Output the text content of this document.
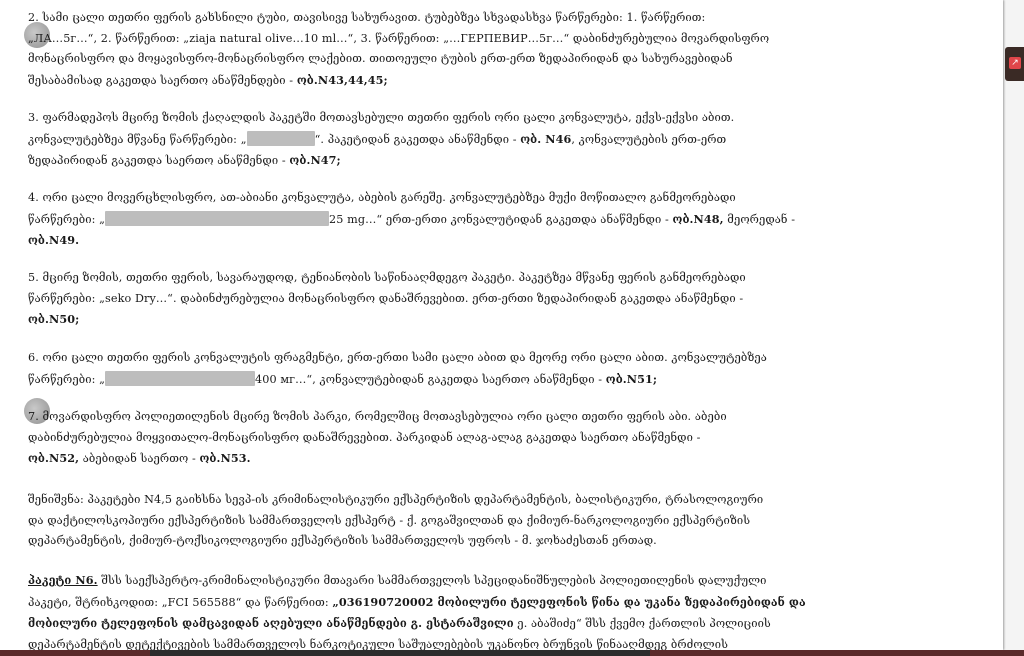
2. სამი ცალი თეთრი ფერის გახსნილი ტუბი, თავისივე სახურავით. ტუბებზეა სხვადასხვა წარწერები: 1. წარწერით:
„ЛА…5г…“, 2. წარწერით: „ziaja natural olive…10 ml…“, 3. წარწერით: „…ГЕРПЕВИР…5г…“ დაბინძურებულია მოვარდისფრო
მონაცრისფრო და მოყავისფრო-მონაცრისფრო ლაქებით. თითოეული ტუბის ერთ-ერთ ზედაპირიდან და სახურავებიდან
შესაბამისად გაკეთდა საერთო ანაწმენდები - ობ.N43,44,45;
3. ფარმადეპოს მცირე ზომის ქაღალდის პაკეტში მოთავსებული თეთრი ფერის ორი ცალი კონვალუტა, ექვს-ექვსი აბით.
კონვალუტებზეა მწვანე წარწერები: „	“. პაკეტიდან გაკეთდა ანაწმენდი - ობ. N46, კონვალუტების ერთ-ერთ
ზედაპირიდან გაკეთდა საერთო ანაწმენდი - ობ.N47;
4. ორი ცალი მოვერცხლისფრო, ათ-აბიანი კონვალუტა, აბების გარეშე. კონვალუტებზეა მუქი მოწითალო განმეორებადი
წარწერები: „	25 mg…“ ერთ-ერთი კონვალუტიდან გაკეთდა ანაწმენდი - ობ.N48, მეორედან -
ობ.N49.
5. მცირე ზომის, თეთრი ფერის, სავარაუდოდ, ტენიანობის საწინააღმდეგო პაკეტი. პაკეტზეა მწვანე ფერის განმეორებადი
წარწერები: „seko Dry…“. დაბინძურებულია მონაცრისფრო დანაშრევებით. ერთ-ერთი ზედაპირიდან გაკეთდა ანაწმენდი -
ობ.N50;
6. ორი ცალი თეთრი ფერის კონვალუტის ფრაგმენტი, ერთ-ერთი სამი ცალი აბით და მეორე ორი ცალი აბით. კონვალუტებზეა
წარწერები: „	400 мг…“, კონვალუტებიდან გაკეთდა საერთო ანაწმენდი - ობ.N51;
7. მოვარდისფრო პოლიეთილენის მცირე ზომის პარკი, რომელშიც მოთავსებულია ორი ცალი თეთრი ფერის აბი. აბები
დაბინძურებულია მოყვითალო-მონაცრისფრო დანაშრევებით. პარკიდან ალაგ-ალაგ გაკეთდა საერთო ანაწმენდი -
ობ.N52, აბებიდან საერთო - ობ.N53.
შენიშვნა: პაკეტები N4,5 გაიხსნა სევპ-ის კრიმინალისტიკური ექსპერტიზის დეპარტამენტის, ბალისტიკური, ტრასოლოგიური
და დაქტილოსკოპიური ექსპერტიზის სამმართველოს ექსპერტ - ქ. გოგაშვილთან და ქიმიურ-ნარკოლოგიური ექსპერტიზის
დეპარტამენტის, ქიმიურ-ტოქსიკოლოგიური ექსპერტიზის სამმართველოს უფროს - მ. ჯოხაძესთან ერთად.
პაკეტი N6. შსს საექსპერტო-კრიმინალისტიკური მთავარი სამმართველოს სპეციდანიშნულების პოლიეთილენის დალუქული
პაკეტი, შტრიხკოდით: „FCI 565588“ და წარწერით: „036190720002 მობილური ტელეფონის წინა და უკანა ზედაპირებიდან და
მობილური ტელეფონის დამცავიდან აღებული ანაწმენდები გ. ესტარაშვილი ე. აბაშიძე“ შსს ქვემო ქართლის პოლიციის
დეპარტამენტის დეტექტივების სამმართველოს ნარკოტიკული საშუალებების უკანონო ბრუნვის წინააღმდეგ ბრძოლის
↗
